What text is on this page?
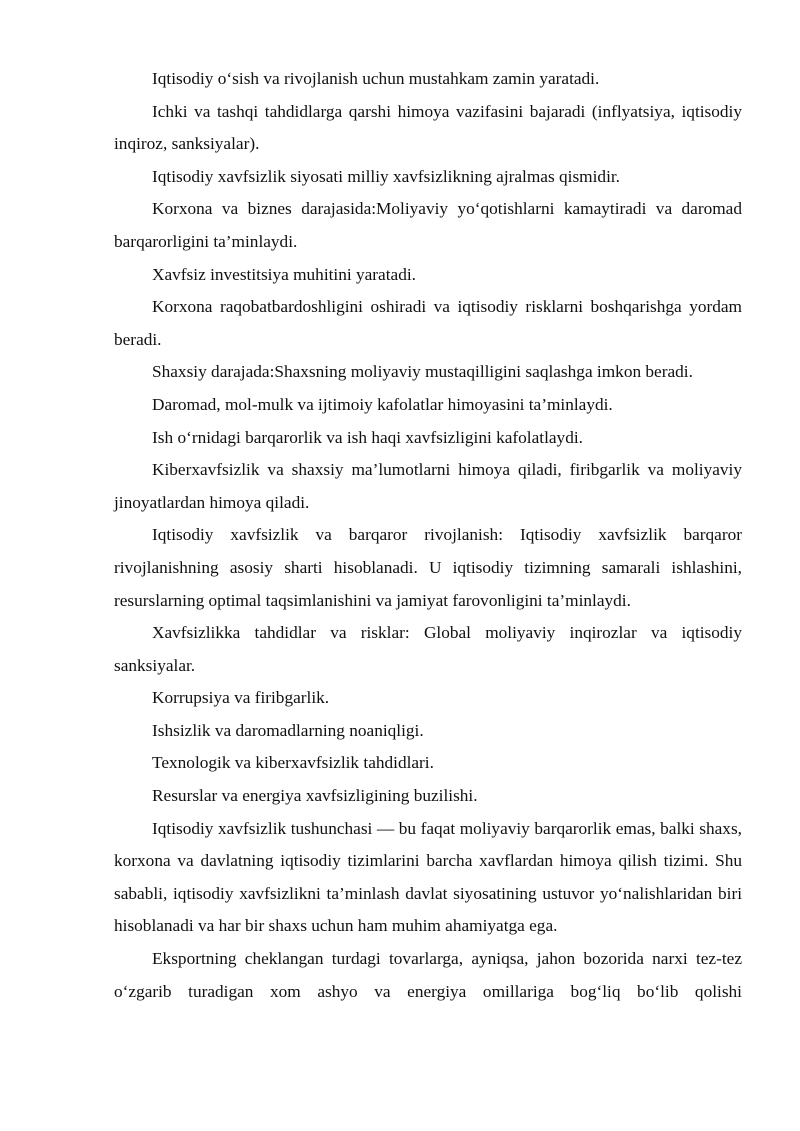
Iqtisodiy o‘sish va rivojlanish uchun mustahkam zamin yaratadi.

Ichki va tashqi tahdidlarga qarshi himoya vazifasini bajaradi (inflyatsiya, iqtisodiy inqiroz, sanksiyalar).

Iqtisodiy xavfsizlik siyosati milliy xavfsizlikning ajralmas qismidir.

Korxona va biznes darajasida:Moliyaviy yo‘qotishlarni kamaytiradi va daromad barqarorligini ta’minlaydi.

Xavfsiz investitsiya muhitini yaratadi.

Korxona raqobatbardoshligini oshiradi va iqtisodiy risklarni boshqarishga yordam beradi.

Shaxsiy darajada:Shaxsning moliyaviy mustaqilligini saqlashga imkon beradi.

Daromad, mol-mulk va ijtimoiy kafolatlar himoyasini ta’minlaydi.

Ish o‘rnidagi barqarorlik va ish haqi xavfsizligini kafolatlaydi.

Kiberxavfsizlik va shaxsiy ma’lumotlarni himoya qiladi, firibgarlik va moliyaviy jinoyatlardan himoya qiladi.

Iqtisodiy xavfsizlik va barqaror rivojlanish: Iqtisodiy xavfsizlik barqaror rivojlanishning asosiy sharti hisoblanadi. U iqtisodiy tizimning samarali ishlashini, resurslarning optimal taqsimlanishini va jamiyat farovonligini ta’minlaydi.

Xavfsizlikka tahdidlar va risklar: Global moliyaviy inqirozlar va iqtisodiy sanksiyalar.

Korrupsiya va firibgarlik.

Ishsizlik va daromadlarning noaniqligi.

Texnologik va kiberxavfsizlik tahdidlari.

Resurslar va energiya xavfsizligining buzilishi.

Iqtisodiy xavfsizlik tushunchasi — bu faqat moliyaviy barqarorlik emas, balki shaxs, korxona va davlatning iqtisodiy tizimlarini barcha xavflardan himoya qilish tizimi. Shu sababli, iqtisodiy xavfsizlikni ta’minlash davlat siyosatining ustuvor yo‘nalishlaridan biri hisoblanadi va har bir shaxs uchun ham muhim ahamiyatga ega.

Eksportning cheklangan turdagi tovarlarga, ayniqsa, jahon bozorida narxi tez-tez o‘zgarib turadigan xom ashyo va energiya omillariga bog‘liq bo‘lib qolishi
